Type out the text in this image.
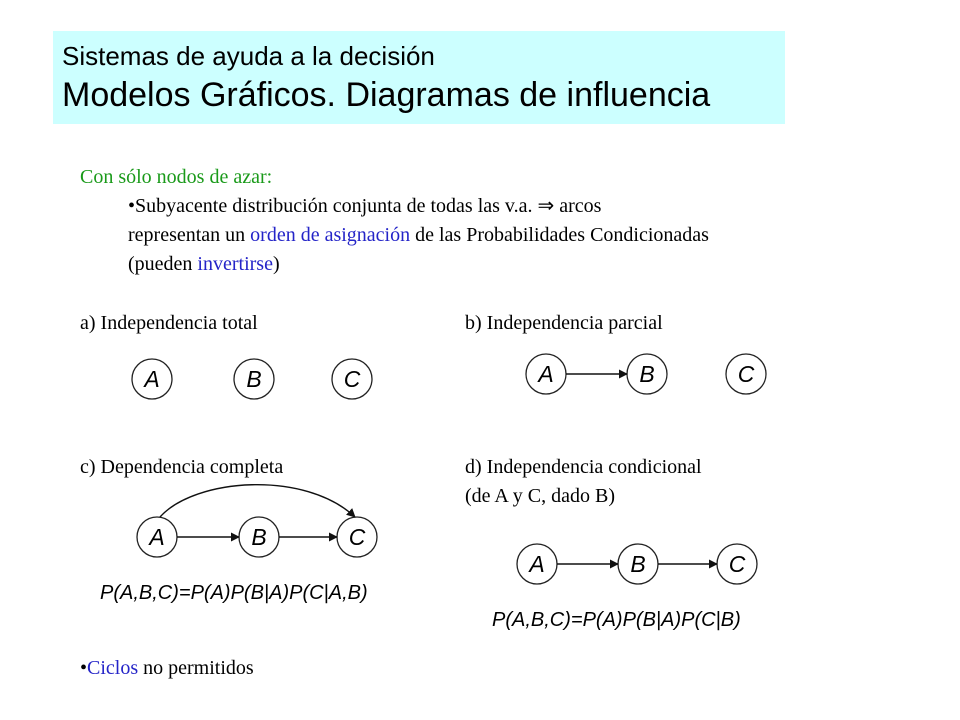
Sistemas de ayuda a la decisión
Modelos Gráficos. Diagramas de influencia
Con sólo nodos de azar:
•Subyacente distribución conjunta de todas las v.a. ⇒ arcos
representan un orden de asignación de las Probabilidades Condicionadas
(pueden invertirse)
a) Independencia total	b) Independencia parcial
c) Dependencia completa	d) Independencia condicional
(de A y C, dado B)
A	B	C	A	B	C
A	B	C
A	B	C
P(A,B,C)=P(A)P(B|A)P(C|A,B)
P(A,B,C)=P(A)P(B|A)P(C|B)
•Ciclos no permitidos
